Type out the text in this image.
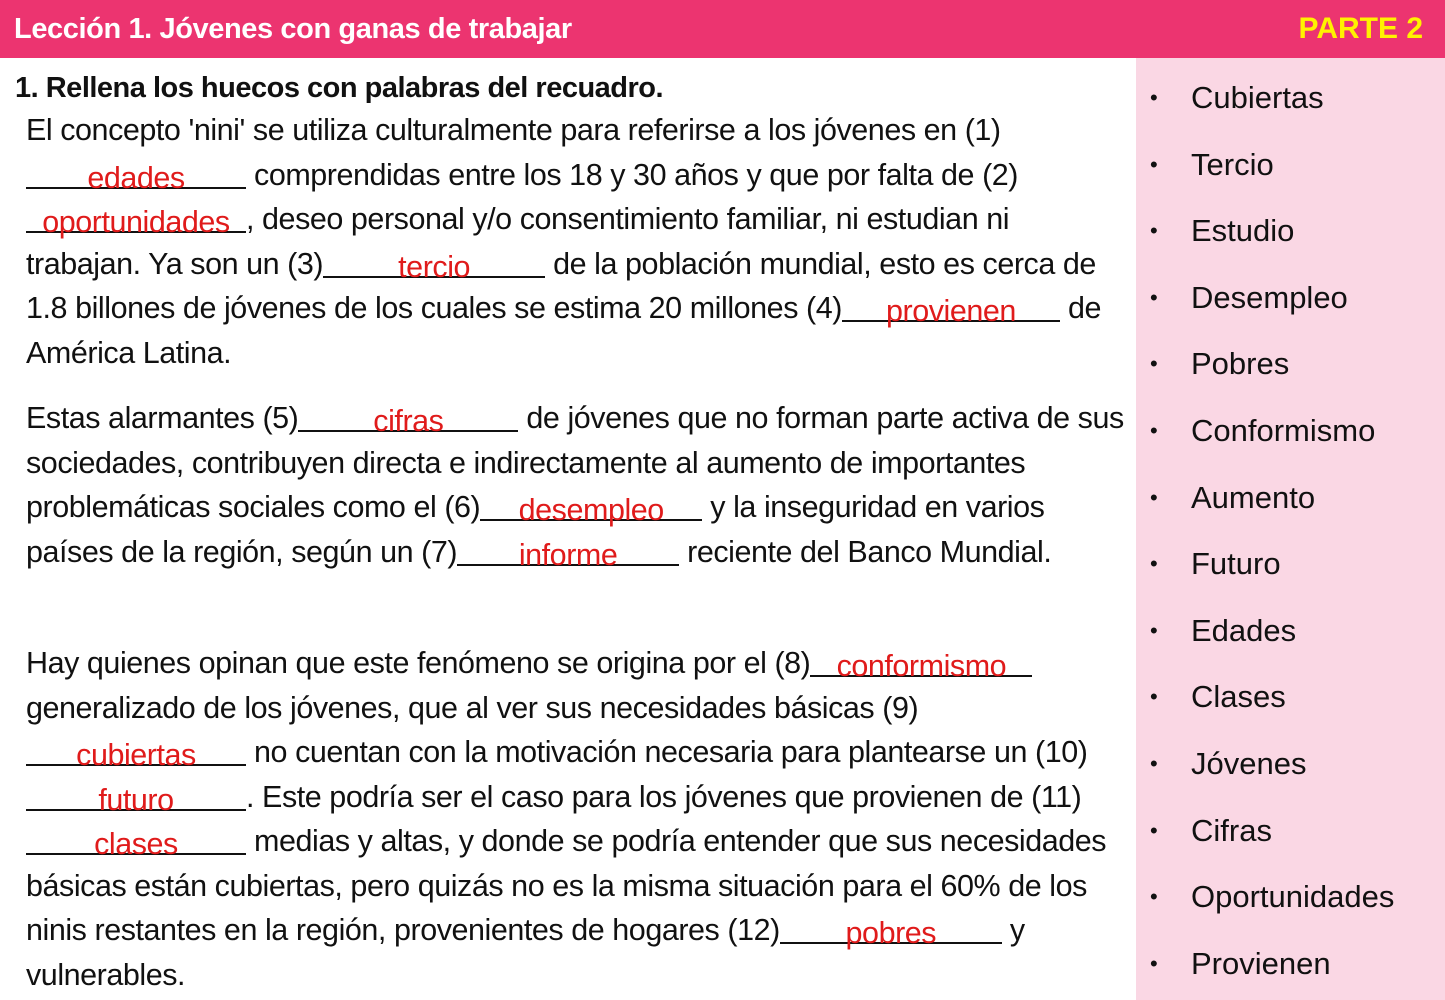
Lección 1. Jóvenes con ganas de trabajar	PARTE 2
1. Rellena los huecos con palabras del recuadro.
El concepto 'nini' se utiliza culturalmente para referirse a los jóvenes en (1)edades comprendidas entre los 18 y 30 años y que por falta de (2)oportunidades , deseo personal y/o consentimiento familiar, ni estudian ni trabajan. Ya son un (3) tercio de la población mundial, esto es cerca de 1.8 billones de jóvenes de los cuales se estima 20 millones (4) provienen de América Latina.
Estas alarmantes (5) cifras de jóvenes que no forman parte activa de sus sociedades, contribuyen directa e indirectamente al aumento de importantes problemáticas sociales como el (6) desempleo y la inseguridad en varios países de la región, según un (7) informe reciente del Banco Mundial.
Hay quienes opinan que este fenómeno se origina por el (8) conformismo generalizado de los jóvenes, que al ver sus necesidades básicas (9)cubiertas no cuentan con la motivación necesaria para plantearse un (10)futuro . Este podría ser el caso para los jóvenes que provienen de (11)clases medias y altas, y donde se podría entender que sus necesidades básicas están cubiertas, pero quizás no es la misma situación para el 60% de los ninis restantes en la región, provenientes de hogares (12) pobres y vulnerables.
•	Cubiertas
•	Tercio
•	Estudio
•	Desempleo
•	Pobres
•	Conformismo
•	Aumento
•	Futuro
•	Edades
•	Clases
•	Jóvenes
•	Cifras
•	Oportunidades
•	Provienen
